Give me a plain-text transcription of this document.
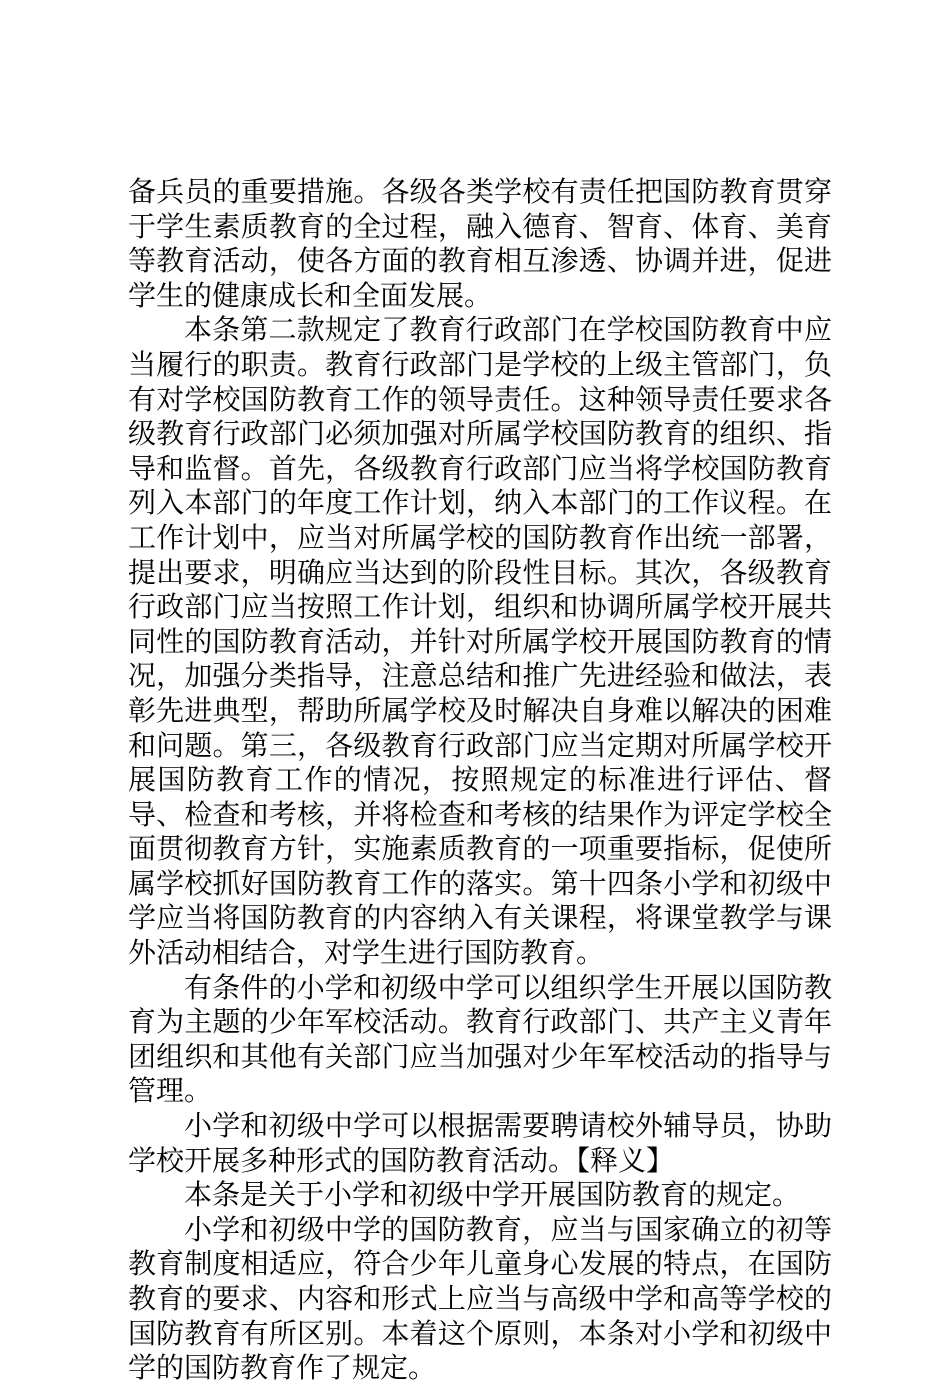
备兵员的重要措施。各级各类学校有责任把国防教育贯穿于学生素质教育的全过程，融入德育、智育、体育、美育等教育活动，使各方面的教育相互渗透、协调并进，促进学生的健康成长和全面发展。

本条第二款规定了教育行政部门在学校国防教育中应当履行的职责。教育行政部门是学校的上级主管部门，负有对学校国防教育工作的领导责任。这种领导责任要求各级教育行政部门必须加强对所属学校国防教育的组织、指导和监督。首先，各级教育行政部门应当将学校国防教育列入本部门的年度工作计划，纳入本部门的工作议程。在工作计划中，应当对所属学校的国防教育作出统一部署，提出要求，明确应当达到的阶段性目标。其次，各级教育行政部门应当按照工作计划，组织和协调所属学校开展共同性的国防教育活动，并针对所属学校开展国防教育的情况，加强分类指导，注意总结和推广先进经验和做法，表彰先进典型，帮助所属学校及时解决自身难以解决的困难和问题。第三，各级教育行政部门应当定期对所属学校开展国防教育工作的情况，按照规定的标准进行评估、督导、检查和考核，并将检查和考核的结果作为评定学校全面贯彻教育方针，实施素质教育的一项重要指标，促使所属学校抓好国防教育工作的落实。第十四条小学和初级中学应当将国防教育的内容纳入有关课程，将课堂教学与课外活动相结合，对学生进行国防教育。

有条件的小学和初级中学可以组织学生开展以国防教育为主题的少年军校活动。教育行政部门、共产主义青年团组织和其他有关部门应当加强对少年军校活动的指导与管理。

小学和初级中学可以根据需要聘请校外辅导员，协助学校开展多种形式的国防教育活动。【释义】

本条是关于小学和初级中学开展国防教育的规定。

小学和初级中学的国防教育，应当与国家确立的初等教育制度相适应，符合少年儿童身心发展的特点，在国防教育的要求、内容和形式上应当与高级中学和高等学校的国防教育有所区别。本着这个原则，本条对小学和初级中学的国防教育作了规定。
